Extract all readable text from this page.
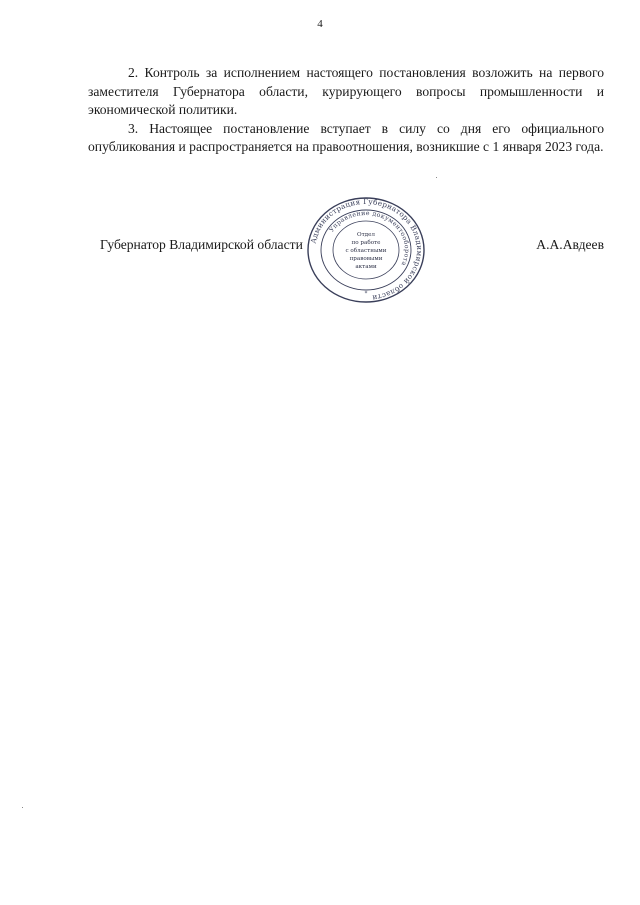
4

2. Контроль за исполнением настоящего постановления возложить на первого заместителя Губернатора области, курирующего вопросы промышленности и экономической политики.

3. Настоящее постановление вступает в силу со дня его официального опубликования и распространяется на правоотношения, возникшие с 1 января 2023 года.

Губернатор Владимирской области	А.А.Авдеев
Администрация Губернатора Владимирской области
Управление документооборота
*
Отдел
по работе
с областными
правовыми
актами
